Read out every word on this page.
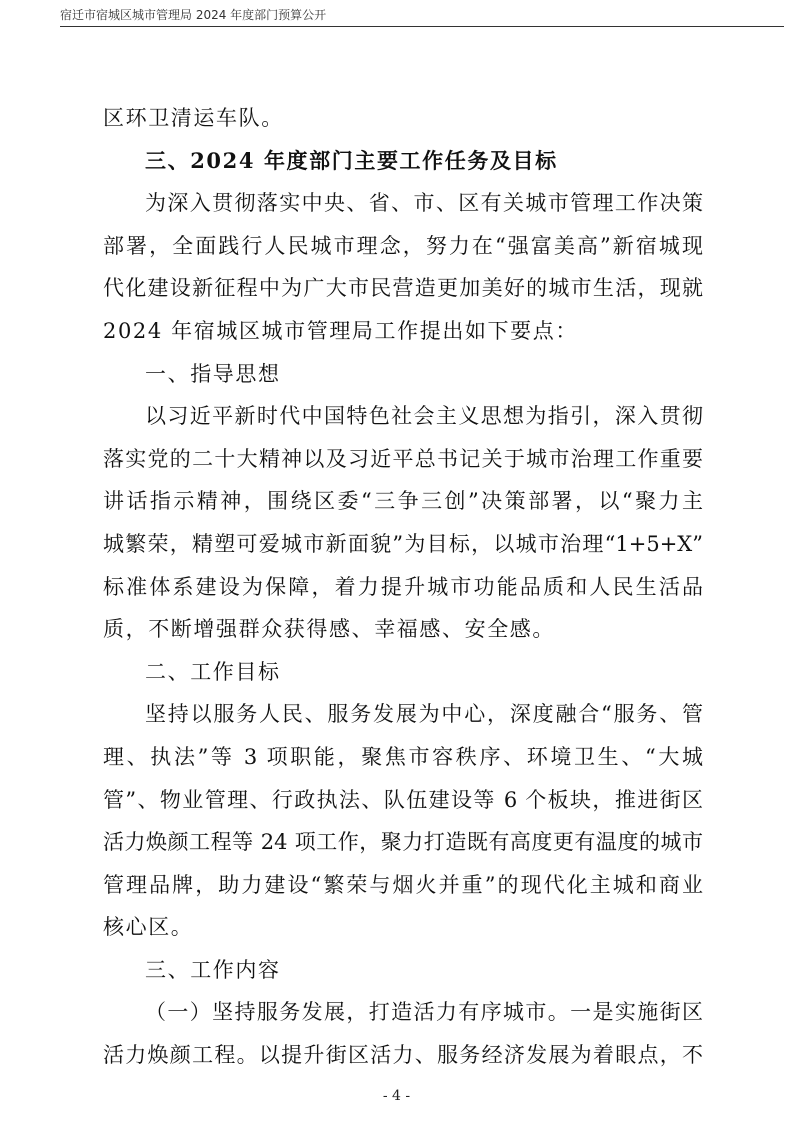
宿迁市宿城区城市管理局 2024 年度部门预算公开
区环卫清运车队。
三、2024 年度部门主要工作任务及目标
为深入贯彻落实中央、省、市、区有关城市管理工作决策
部署，全面践行人民城市理念，努力在“强富美高”新宿城现
代化建设新征程中为广大市民营造更加美好的城市生活，现就
2024 年宿城区城市管理局工作提出如下要点：
一、指导思想
以习近平新时代中国特色社会主义思想为指引，深入贯彻
落实党的二十大精神以及习近平总书记关于城市治理工作重要
讲话指示精神，围绕区委“三争三创”决策部署，以“聚力主
城繁荣，精塑可爱城市新面貌”为目标，以城市治理“1+5+X”
标准体系建设为保障，着力提升城市功能品质和人民生活品
质，不断增强群众获得感、幸福感、安全感。
二、工作目标
坚持以服务人民、服务发展为中心，深度融合“服务、管
理、执法”等 3 项职能，聚焦市容秩序、环境卫生、“大城
管”、物业管理、行政执法、队伍建设等 6 个板块，推进街区
活力焕颜工程等 24 项工作，聚力打造既有高度更有温度的城市
管理品牌，助力建设“繁荣与烟火并重”的现代化主城和商业
核心区。
三、工作内容
（一）坚持服务发展，打造活力有序城市。一是实施街区
活力焕颜工程。以提升街区活力、服务经济发展为着眼点，不
- 4 -
